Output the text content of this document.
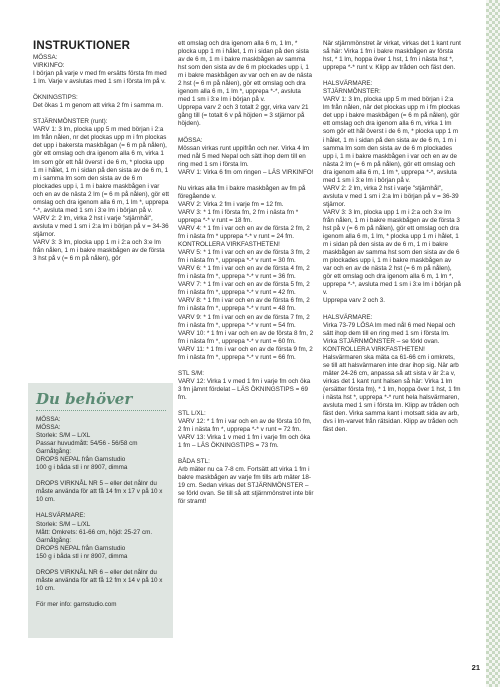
INSTRUKTIONER

MÖSSA:
VIRKINFO:
I början på varje v med fm ersätts första fm med 1 lm. Varje v avslutas med 1 sm i första lm på v.

ÖKNINGSTIPS:
Det ökas 1 m genom att virka 2 fm i samma m.

STJÄRNMÖNSTER (runt):
VARV 1: 3 lm, plocka upp 5 m med början i 2:a lm från nålen, nr det plockas upp m i fm plockas det upp i bakersta maskbågan (= 6 m på nålen), gör ett omslag och dra igenom alla 6 m, virka 1 lm som gör ett hål överst i de 6 m, * plocka upp 1 m i hålet, 1 m i sidan på den sista av de 6 m, 1 m i samma lm som den sista av de 6 m plockades upp i, 1 m i bakre maskbågen i var och en av de nästa 2 lm (= 6 m på nålen), gör ett omslag och dra igenom alla 6 m, 1 lm *, upprepa *-*, avsluta med 1 sm i 3:e lm i början på v.
VARV 2: 2 lm, virka 2 hst i varje "stjärnhål", avsluta v med 1 sm i 2:a lm i början på v = 34-36 stjärnor.
VARV 3: 3 lm, plocka upp 1 m i 2:a och 3:e lm från nålen, 1 m i bakre maskbågen av de första 3 hst på v (= 6 m på nålen), gör

Du behöver

MÖSSA:
MÖSSA:
Storlek: S/M – L/XL
Passar huvudmått: 54/56 - 56/58 cm
Garnåtgång:
DROPS NEPAL från Garnstudio
100 g i båda stl i nr 8907, dimma

DROPS VIRKNÅL NR 5 – eller det nålnr du måste använda för att få 14 fm x 17 v på 10 x 10 cm.

HALSVÄRMARE:
Storlek: S/M – L/XL
Mått: Omkrets: 61-66 cm, höjd: 25-27 cm.
Garnåtgång:
DROPS NEPAL från Garnstudio
150 g i båda stl i nr 8907, dimma

DROPS VIRKNÅL NR 6 – eller det nålnr du måste använda för att få 12 fm x 14 v på 10 x 10 cm.

För mer info: garnstudio.com

ett omslag och dra igenom alla 6 m, 1 lm, * plocka upp 1 m i hålet, 1 m i sidan på den sista av de 6 m, 1 m i bakre maskbågen av samma hst som den sista av de 6 m plockades upp i, 1 m i bakre maskbågen av var och en av de nästa 2 hst (= 6 m på nålen), gör ett omslag och dra igenom alla 6 m, 1 lm *, upprepa *-*, avsluta med 1 sm i 3:e lm i början på v.
Upprepa varv 2 och 3 totalt 2 ggr, virka varv 21 gång till (= totalt 6 v på höjden = 3 stjärnor på höjden).

MÖSSA:
Mössan virkas runt uppifrån och ner. Virka 4 lm med nål 5 med Nepal och sätt ihop dem till en ring med 1 sm i första lm.
VARV 1: Virka 6 fm om ringen – LÄS VIRKINFO!

Nu virkas alla fm i bakre maskbågen av fm på föregående v.
VARV 2: Virka 2 fm i varje fm = 12 fm.
VARV 3: * 1 fm i första fm, 2 fm i nästa fm * upprepa *-* v runt = 18 fm.
VARV 4: * 1 fm i var och en av de första 2 fm, 2 fm i nästa fm * upprepa *-* v runt = 24 fm. KONTROLLERA VIRKFASTHETEN!
VARV 5: * 1 fm i var och en av de första 3 fm, 2 fm i nästa fm *, upprepa *-* v runt = 30 fm.
VARV 6: * 1 fm i var och en av de första 4 fm, 2 fm i nästa fm *, upprepa *-* v runt = 36 fm.
VARV 7: * 1 fm i var och en av de första 5 fm, 2 fm i nästa fm *, upprepa *-* v runt = 42 fm.
VARV 8: * 1 fm i var och en av de första 6 fm, 2 fm i nästa fm *, upprepa *-* v runt = 48 fm.
VARV 9: * 1 fm i var och en av de första 7 fm, 2 fm i nästa fm *, upprepa *-* v runt = 54 fm.
VARV 10: * 1 fm i var och en av de första 8 fm, 2 fm i nästa fm *, upprepa *-* v runt = 60 fm.
VARV 11: * 1 fm i var och en av de första 9 fm, 2 fm i nästa fm *, upprepa *-* v runt = 66 fm.

STL S/M:
VARV 12: Virka 1 v med 1 fm i varje fm och öka 3 fm jämnt fördelat – LÄS ÖKNINGSTIPS = 69 fm.

STL L/XL:
VARV 12: * 1 fm i var och en av de första 10 fm, 2 fm i nästa fm *, upprepa *-* v runt = 72 fm.
VARV 13: Virka 1 v med 1 fm i varje fm och öka 1 fm – LÄS ÖKNINGSTIPS = 73 fm.

BÅDA STL:
Arb mäter nu ca 7-8 cm. Fortsätt att virka 1 fm i bakre maskbågen av varje fm tills arb mäter 18-19 cm. Sedan virkas det STJÄRNMÖNSTER – se förkl ovan. Se till så att stjärnmönstret inte blir för stramt!

När stjärnmönstret är virkat, virkas det 1 kant runt så här: Virka 1 fm i bakre maskbågen av första hst, * 1 lm, hoppa över 1 hst, 1 fm i nästa hst *, upprepa *-* runt v. Klipp av tråden och fäst den.

HALSVÄRMARE:
STJÄRNMÖNSTER:
VARV 1: 3 lm, plocka upp 5 m med början i 2:a lm från nålen, när det plockas upp m i fm plockas det upp i bakre maskbågen (= 6 m på nålen), gör ett omslag och dra igenom alla 6 m, virka 1 lm som gör ett hål överst i de 6 m, * plocka upp 1 m i hålet, 1 m i sidan på den sista av de 6 m, 1 m i samma lm som den sista av de 6 m plockades upp i, 1 m i bakre maskbågen i var och en av de nästa 2 lm (= 6 m på nålen), gör ett omslag och dra igenom alla 6 m, 1 lm *, upprepa *-*, avsluta med 1 sm i 3:e lm i början på v.
VARV 2: 2 lm, virka 2 hst i varje "stjärnhål", avsluta v med 1 sm i 2:a lm i början på v = 36-39 stjärnor.
VARV 3: 3 lm, plocka upp 1 m i 2:a och 3:e lm från nålen, 1 m i bakre maskbågen av de första 3 hst på v (= 6 m på nålen), gör ett omslag och dra igenom alla 6 m, 1 lm, * plocka upp 1 m i hålet, 1 m i sidan på den sista av de 6 m, 1 m i bakre maskbågen av samma hst som den sista av de 6 m plockades upp i, 1 m i bakre maskbågen av var och en av de nästa 2 hst (= 6 m på nålen), gör ett omslag och dra igenom alla 6 m, 1 lm *, upprepa *-*, avsluta med 1 sm i 3:e lm i början på v.
Upprepa varv 2 och 3.

HALSVÄRMARE:
Virka 73-79 LÖSA lm med nål 6 med Nepal och sätt ihop dem till en ring med 1 sm i första lm. Virka STJÄRNMÖNSTER – se förkl ovan. KONTROLLERA VIRKFASTHETEN! Halsvärmaren ska mäta ca 61-66 cm i omkrets, se till att halsvärmaren inte drar ihop sig. När arb mäter 24-26 cm, anpassa så att sista v är 2:a v, virkas det 1 kant runt halsen så här: Virka 1 lm (ersätter första fm), * 1 lm, hoppa över 1 hst, 1 fm i nästa hst *, upprepa *-* runt hela halsvärmaren, avsluta med 1 sm i första lm. Klipp av tråden och fäst den. Virka samma kant i motsatt sida av arb, dvs i lm-varvet från rätsidan. Klipp av tråden och fäst den.

21
